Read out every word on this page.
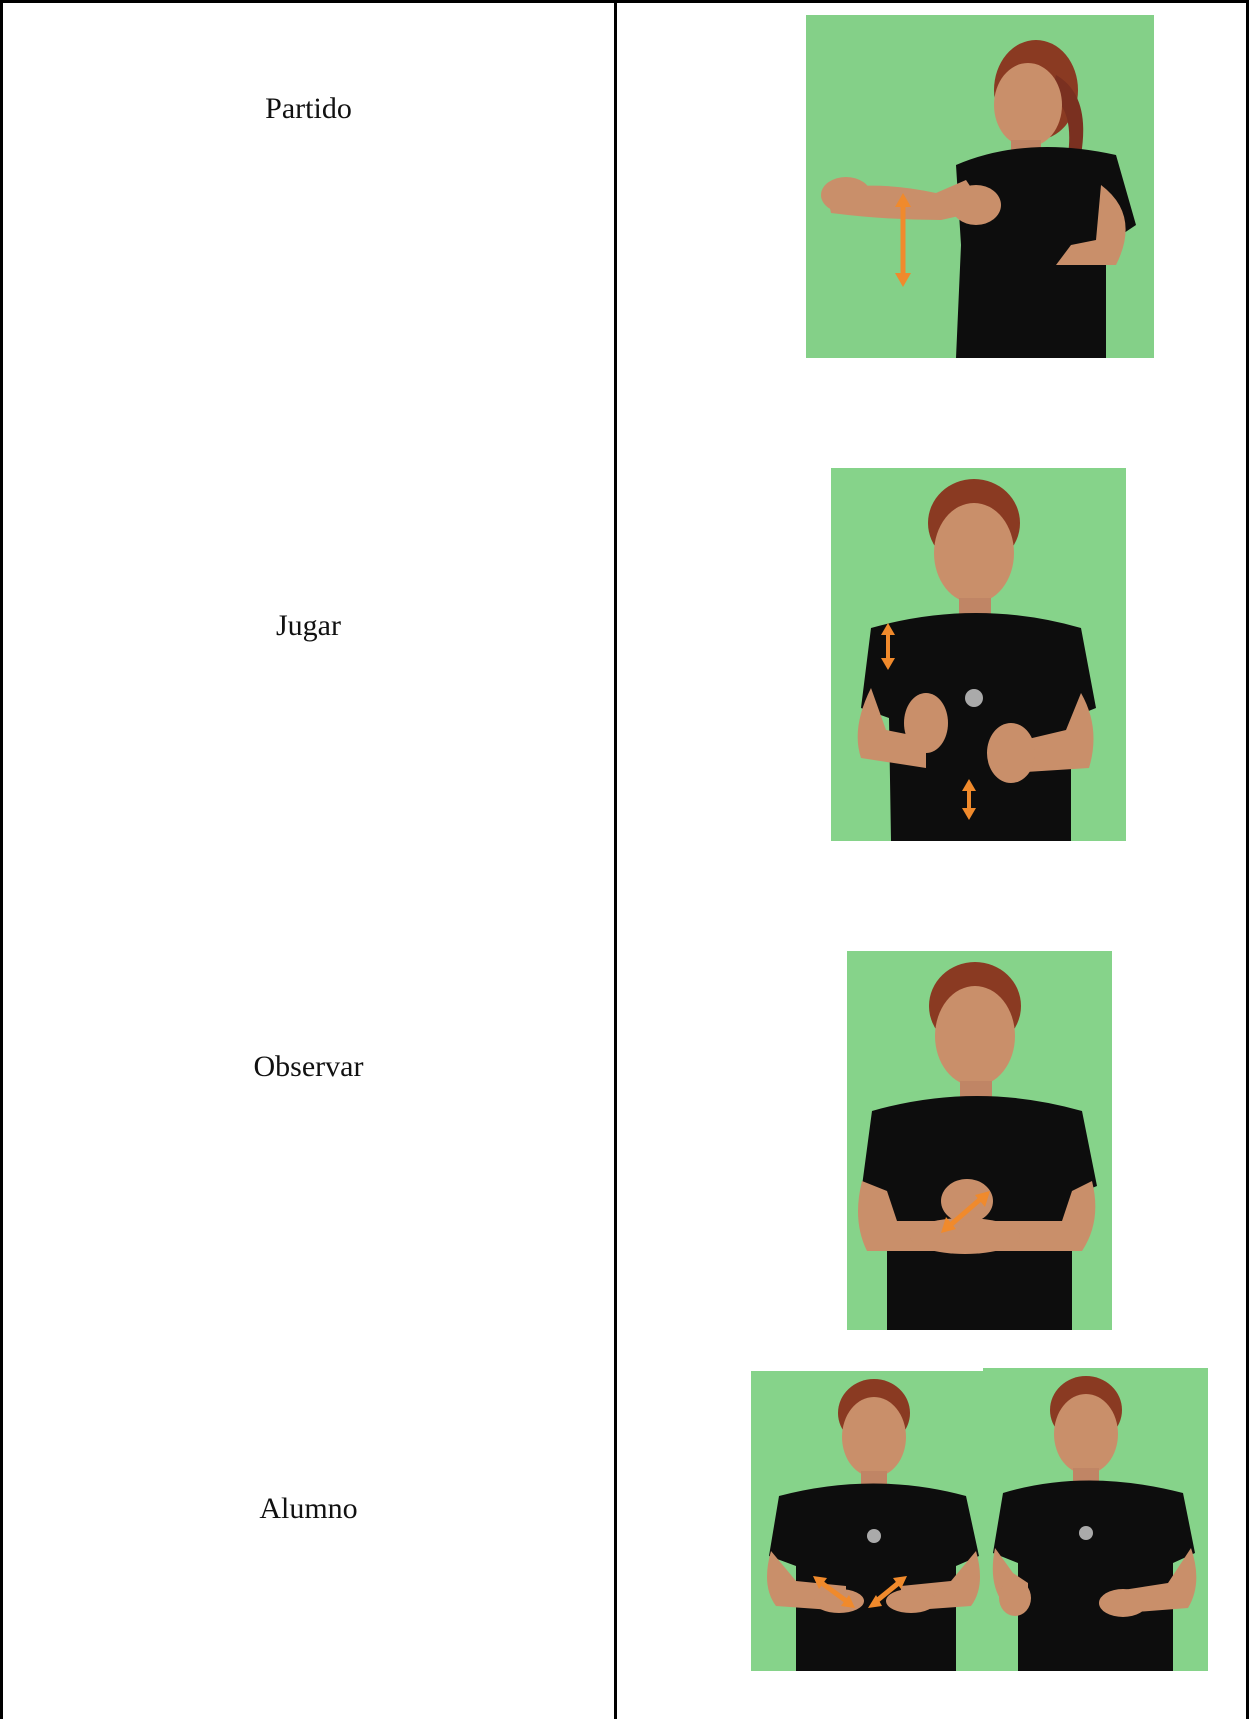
Partido
Jugar
Observar
Alumno
